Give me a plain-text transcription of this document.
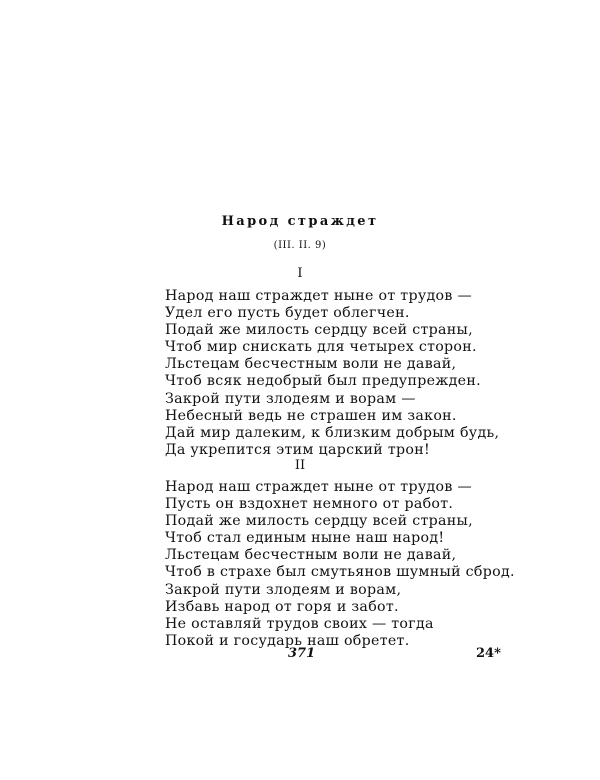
Народ страждет
(III. II. 9)
I
Народ наш страждет ныне от трудов —
Удел его пусть будет облегчен.
Подай же милость сердцу всей страны,
Чтоб мир снискать для четырех сторон.
Льстецам бесчестным воли не давай,
Чтоб всяк недобрый был предупрежден.
Закрой пути злодеям и ворам —
Небесный ведь не страшен им закон.
Дай мир далеким, к близким добрым будь,
Да укрепится этим царский трон!
II
Народ наш страждет ныне от трудов —
Пусть он вздохнет немного от работ.
Подай же милость сердцу всей страны,
Чтоб стал единым ныне наш народ!
Льстецам бесчестным воли не давай,
Чтоб в страхе был смутьянов шумный сброд.
Закрой пути злодеям и ворам,
Избавь народ от горя и забот.
Не оставляй трудов своих — тогда
Покой и государь наш обретет.
371	24*
